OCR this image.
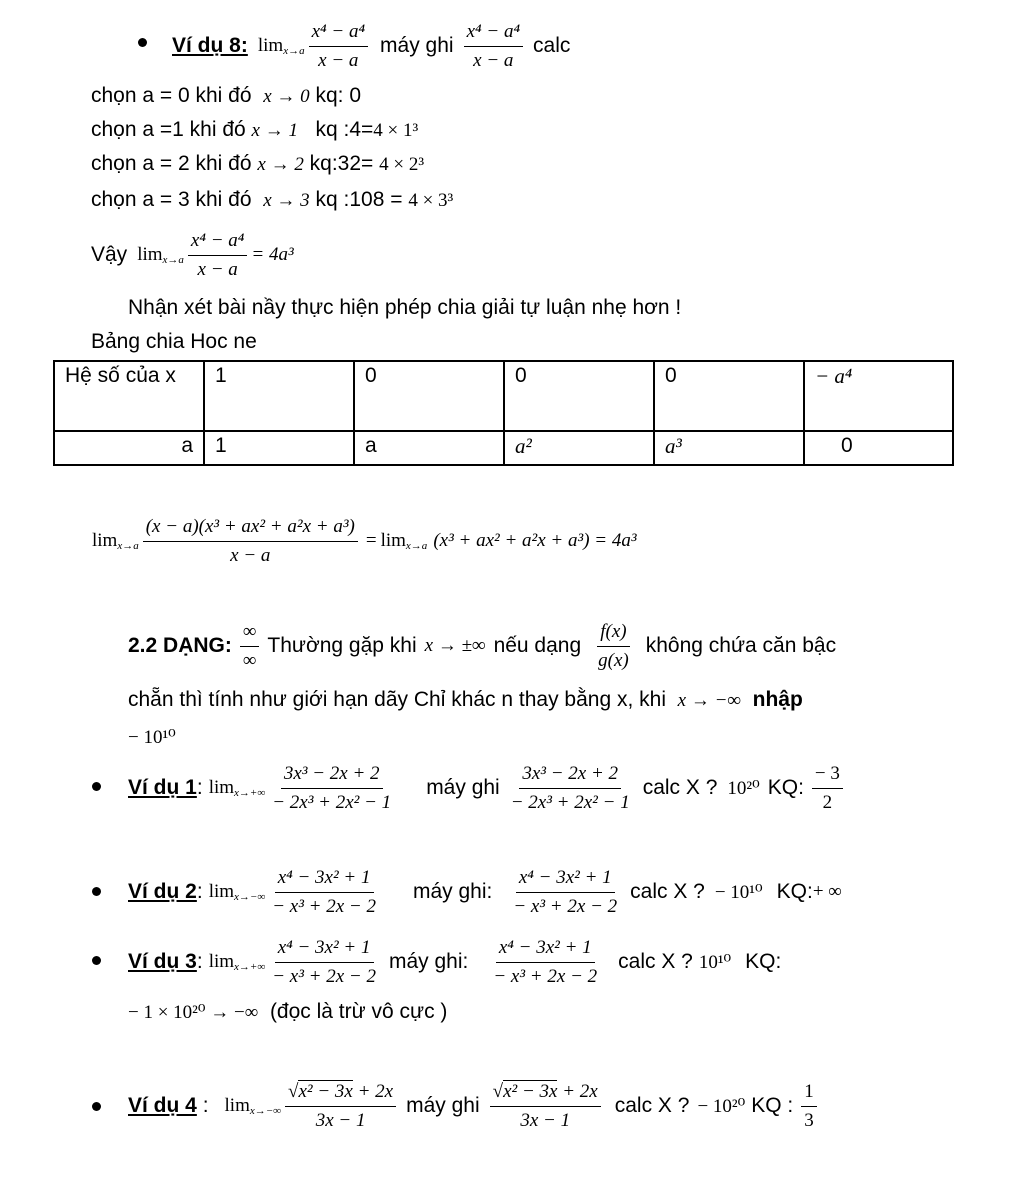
Ví dụ 8: $\lim x\to a \frac{\text{x⁴ − a⁴}}{x - a}$ máy ghi $\frac{\text{x⁴ − a⁴}}{x - a}$ calc
chọn a = 0 khi đó x → 0 kq: 0
chọn a =1 khi đó x → 1 kq :4=4 × 1³
chọn a = 2 khi đó x → 2 kq:32= 4 × 2³
chọn a = 3 khi đó x → 3 kq :108 = 4 × 3³
Vậy $\lim x\to a \frac{\text{x⁴ − a⁴}}{x - a} = 4a^3$
Nhận xét bài nầy thực hiện phép chia giải tự luận nhẹ hơn !
Bảng chia Hoc ne
Hệ số của x	1	0	0	0	− a⁴
a	1	a	a²	a³	0
$\lim x\to a \frac{\text{(x − a)(x³ + ax² + a²x + a³)}}{x - a} = \lim x\to a$ (x³ + ax² + a²x + a³) = 4a³
2.2 DẠNG: $\frac{\infty}{\infty}$ Thường gặp khi x → ±∞ nếu dạng $\frac{f(x)}{g(x)}$ không chứa căn bậc
chẵn thì tính như giới hạn dãy Chỉ khác n thay bằng x, khi x → −∞ nhập
− 10¹⁰
Ví dụ 1 : $\lim x\to+\infty \frac{\text{3x³ − 2x + 2}}{\text{− 2x³ + 2x² − 1}}$ máy ghi $\frac{\text{3x³ − 2x + 2}}{\text{− 2x³ + 2x² − 1}}$ calc X ? 10²⁰ KQ: $\frac{- 3}{2}$
Ví dụ 2 : $\lim x\to-\infty \frac{\text{x⁴ − 3x² + 1}}{\text{− x³ + 2x − 2}}$ máy ghi: $\frac{\text{x⁴ − 3x² + 1}}{\text{− x³ + 2x − 2}}$ calc X ? − 10¹⁰ KQ: + ∞
Ví dụ 3 : $\lim x\to+\infty \frac{\text{x⁴ − 3x² + 1}}{\text{− x³ + 2x − 2}}$ máy ghi: $\frac{\text{x⁴ − 3x² + 1}}{\text{− x³ + 2x − 2}}$ calc X ? 10¹⁰ KQ:
− 1 × 10²⁰ → −∞ (đọc là trừ vô cực )
Ví dụ 4 : $\lim x\to-\infty \frac{\text{√x² − 3x + 2x}}{3x - 1}$ máy ghi $\frac{\text{√x² − 3x + 2x}}{3x - 1}$ calc X ? − 10²⁰ KQ : $\frac{1}{3}$
